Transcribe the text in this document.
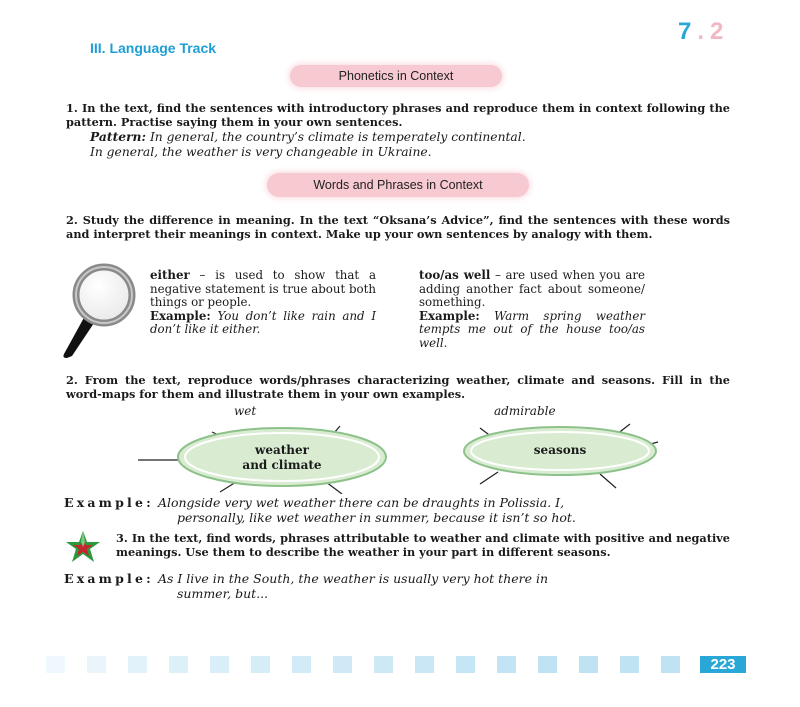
7.2
III. Language Track
Phonetics in Context
1. In the text, find the sentences with introductory phrases and reproduce them in context following the pattern. Practise saying them in your own sentences.
Pattern: In general, the country’s climate is temperately continental.
In general, the weather is very changeable in Ukraine.
Words and Phrases in Context
2. Study the difference in meaning. In the text “Oksana’s Advice”, find the sentences with these words and interpret their meanings in context. Make up your own sentences by analogy with them.
either – is used to show that a negative statement is true about both things or people.
Example: You don’t like rain and I don’t like it either.
too/as well – are used when you are adding another fact about someone/ something.
Example: Warm spring weather tempts me out of the house too/as well.
2. From the text, reproduce words/phrases characterizing weather, climate and seasons. Fill in the word-maps for them and illustrate them in your own examples.
wet	admirable
weather
and climate
seasons
Example: Alongside very wet weather there can be draughts in Polissia. I,
personally, like wet weather in summer, because it isn’t so hot.
3. In the text, find words, phrases attributable to weather and climate with positive and negative meanings. Use them to describe the weather in your part in different seasons.
Example: As I live in the South, the weather is usually very hot there in
summer, but...
223
